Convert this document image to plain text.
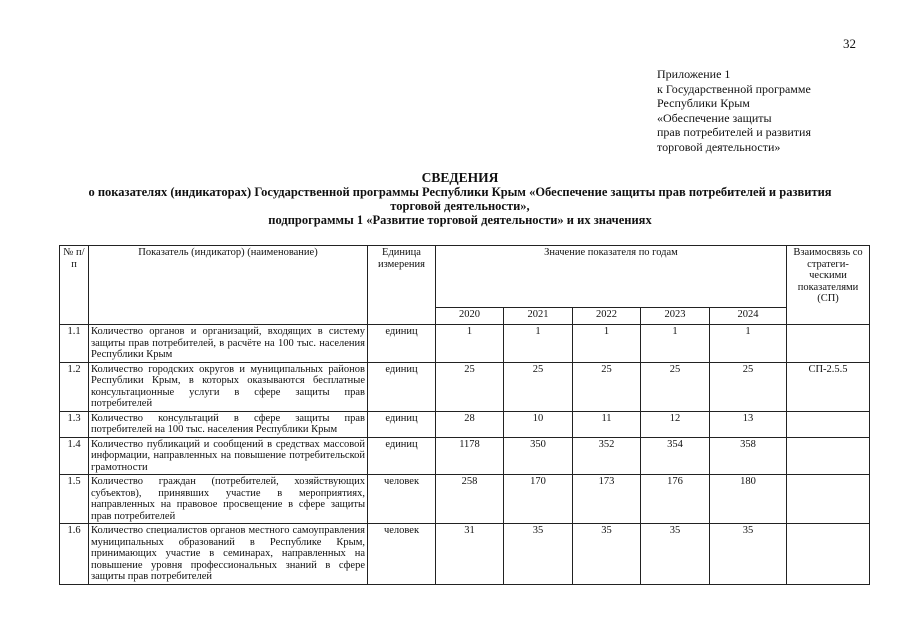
32
Приложение 1
к Государственной программе
Республики Крым
«Обеспечение защиты
прав потребителей и развития
торговой деятельности»
СВЕДЕНИЯ
о показателях (индикаторах) Государственной программы Республики Крым «Обеспечение защиты прав потребителей и развития
торговой деятельности»,
подпрограммы 1 «Развитие торговой деятельности» и их значениях
№ п/п	Показатель (индикатор) (наименование)	Единица измерения	Значение показателя по годам					Взаимосвязь со стратеги-ческими показателями (СП)
			2020	2021	2022	2023	2024	
1.1	Количество органов и организаций, входящих в систему защиты прав потребителей, в расчёте на 100 тыс. населения Республики Крым	единиц	1	1	1	1	1	
1.2	Количество городских округов и муниципальных районов Республики Крым, в которых оказываются бесплатные консультационные услуги в сфере защиты прав потребителей	единиц	25	25	25	25	25	СП-2.5.5
1.3	Количество консультаций в сфере защиты прав потребителей на 100 тыс. населения Республики Крым	единиц	28	10	11	12	13	
1.4	Количество публикаций и сообщений в средствах массовой информации, направленных на повышение потребительской грамотности	единиц	1178	350	352	354	358	
1.5	Количество граждан (потребителей, хозяйствующих субъектов), принявших участие в мероприятиях, направленных на правовое просвещение в сфере защиты прав потребителей	человек	258	170	173	176	180	
1.6	Количество специалистов органов местного самоуправления муниципальных образований в Республике Крым, принимающих участие в семинарах, направленных на повышение уровня профессиональных знаний в сфере защиты прав потребителей	человек	31	35	35	35	35	
